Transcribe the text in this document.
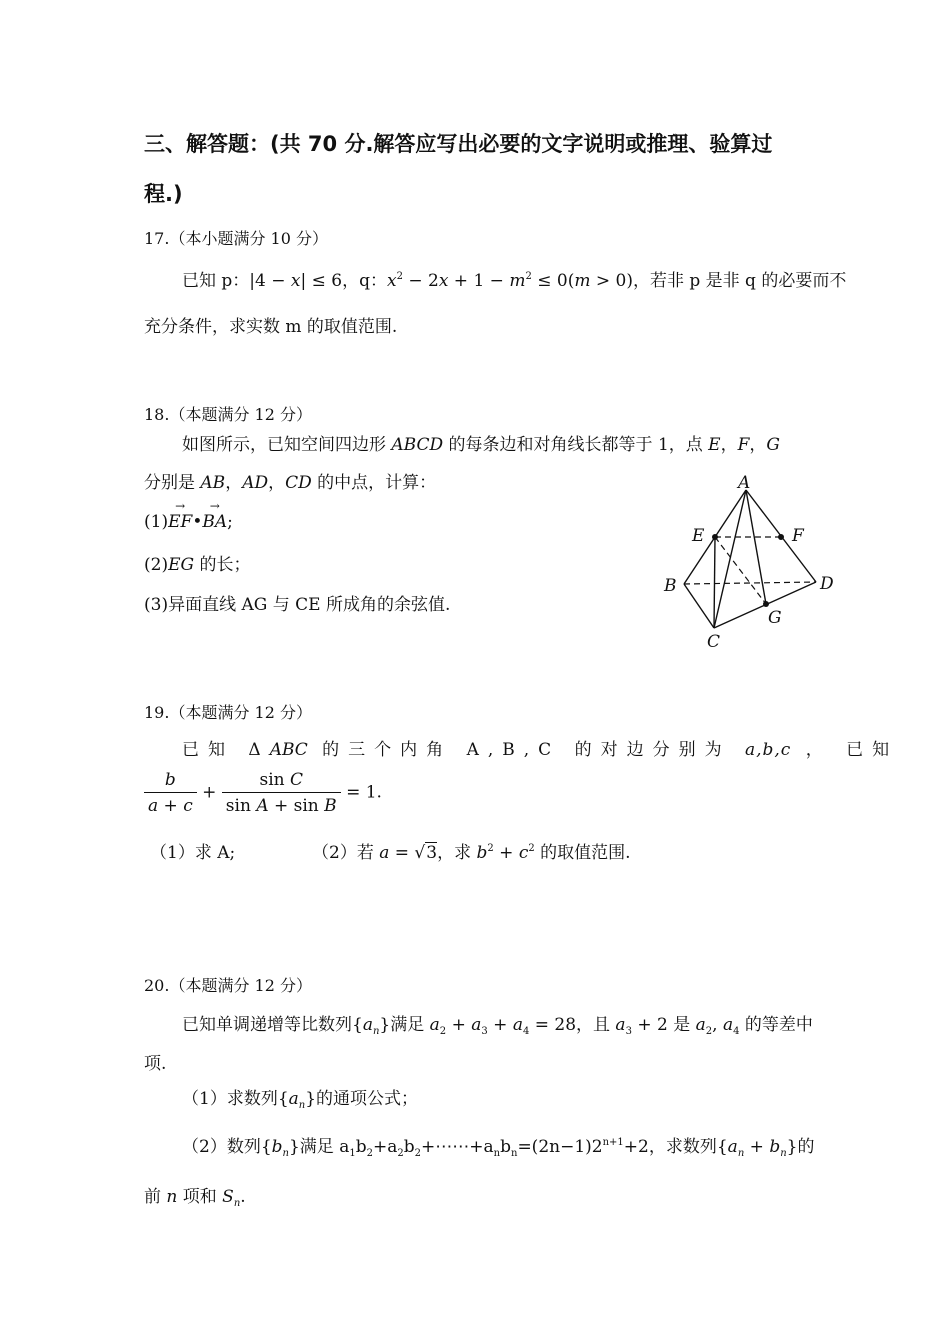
三、解答题：(共 70 分.解答应写出必要的文字说明或推理、验算过
程.)
17.（本小题满分 10 分）
已知 p：|4 − x| ≤ 6，q：$x^2 - 2x + 1 - m^2 \le 0(m > 0)$，若非 p 是非 q 的必要而不
充分条件，求实数 m 的取值范围.
18.（本题满分 12 分）
如图所示，已知空间四边形 ABCD 的每条边和对角线长都等于 1，点 E，F，G
分别是 AB，AD，CD 的中点，计算：
(1)→ EF•→ BA;
(2)EG 的长；
(3)异面直线 AG 与 CE 所成角的余弦值.
A
B
C
D
E	F
G
19.（本题满分 12 分）
已知 ΔABC 的三个内角 A,B,C 的对边分别为 a,b,c ， 已知
$\frac{b}{a + c} + \frac{\text{sin C}}{\text{sin A + sin B}} = 1$.
（1）求 A;	（2）若 a = √3，求 $b^2 + c^2$ 的取值范围.
20.（本题满分 12 分）
已知单调递增等比数列$\{a_n\}$满足 $a_2 + a_3 + a_4 = 28$，且 $a_3 + 2$ 是 $a_2$, $a_4$ 的等差中
项.
（1）求数列$\{a_n\}$的通项公式；
（2）数列$\{b_n\}$满足 $a_1b_2+a_2b_2+\cdots\cdots+a_nb_n=(2n-1)2^{n+1}+2$，求数列$\{a_n + b_n\}$的
前 n 项和 $S_n$.
